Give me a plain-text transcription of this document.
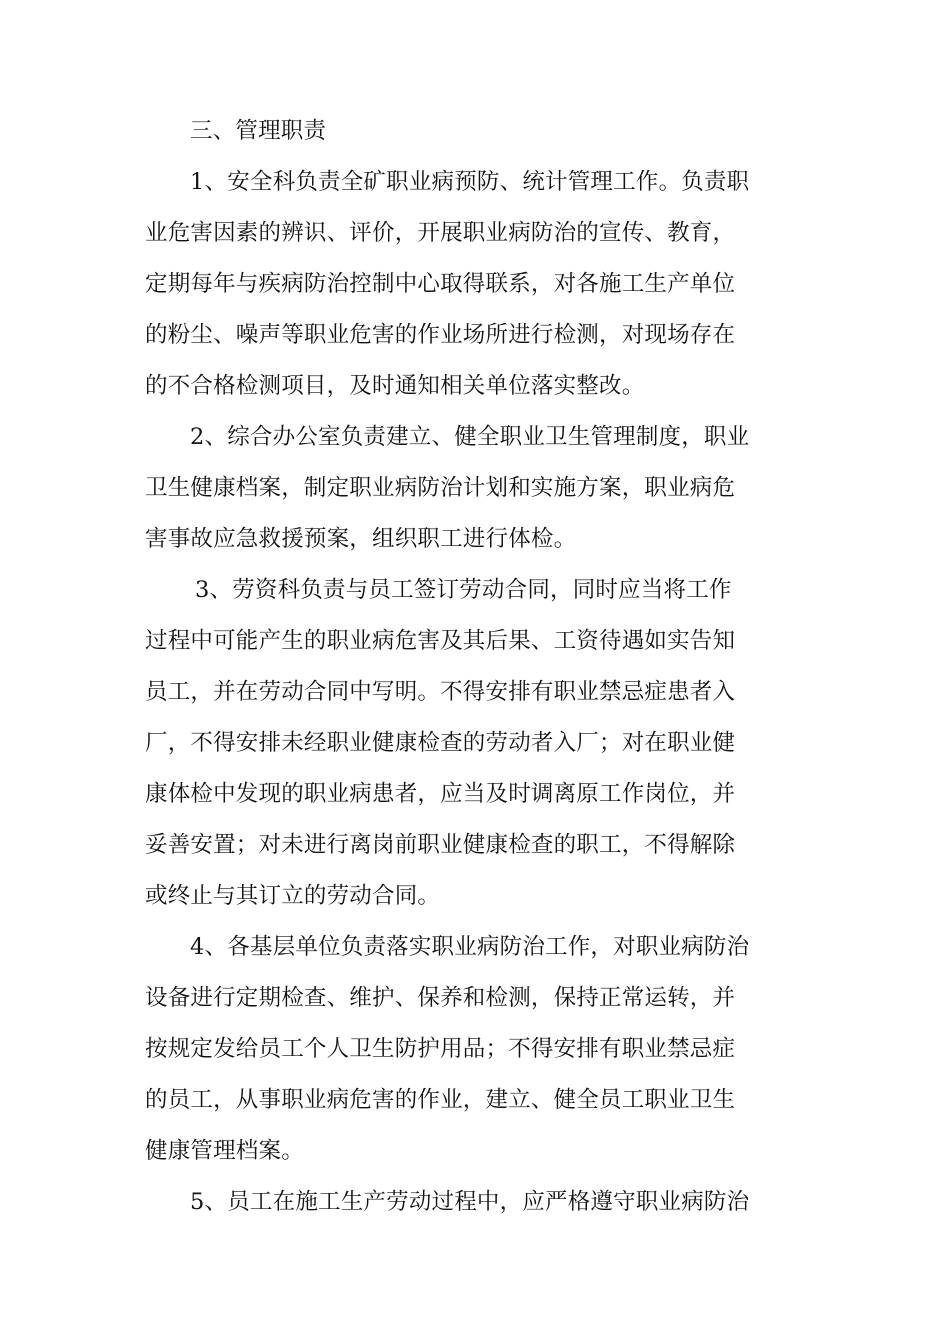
三、管理职责
1、安全科负责全矿职业病预防、统计管理工作。负责职
业危害因素的辨识、评价，开展职业病防治的宣传、教育，
定期每年与疾病防治控制中心取得联系，对各施工生产单位
的粉尘、噪声等职业危害的作业场所进行检测，对现场存在
的不合格检测项目，及时通知相关单位落实整改。
2、综合办公室负责建立、健全职业卫生管理制度，职业
卫生健康档案，制定职业病防治计划和实施方案，职业病危
害事故应急救援预案，组织职工进行体检。
3、劳资科负责与员工签订劳动合同，同时应当将工作
过程中可能产生的职业病危害及其后果、工资待遇如实告知
员工，并在劳动合同中写明。不得安排有职业禁忌症患者入
厂，不得安排未经职业健康检查的劳动者入厂；对在职业健
康体检中发现的职业病患者，应当及时调离原工作岗位，并
妥善安置；对未进行离岗前职业健康检查的职工，不得解除
或终止与其订立的劳动合同。
4、各基层单位负责落实职业病防治工作，对职业病防治
设备进行定期检查、维护、保养和检测，保持正常运转，并
按规定发给员工个人卫生防护用品；不得安排有职业禁忌症
的员工，从事职业病危害的作业，建立、健全员工职业卫生
健康管理档案。
5、员工在施工生产劳动过程中，应严格遵守职业病防治
